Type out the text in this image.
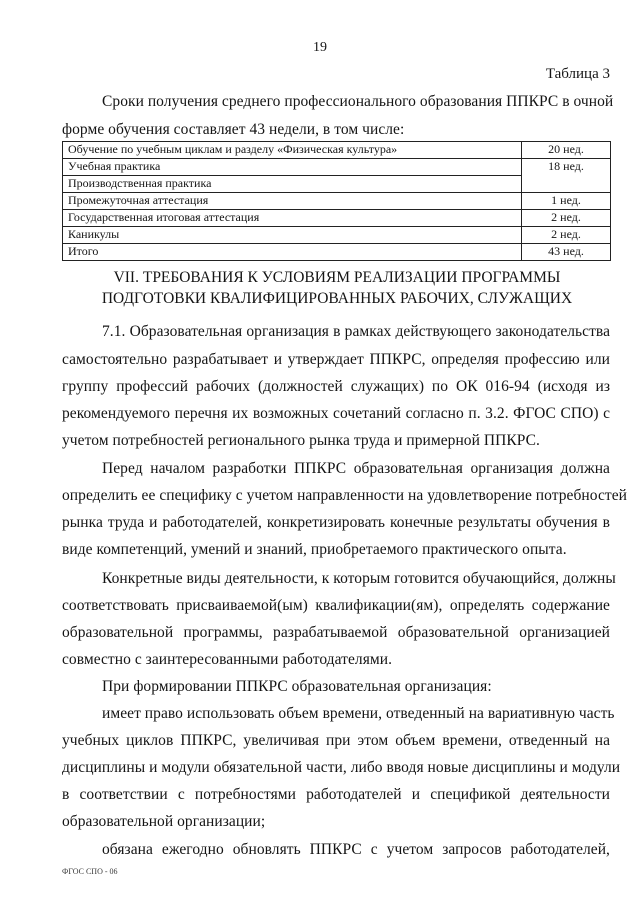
19
Таблица 3
Сроки получения среднего профессионального образования ППКРС в очной
форме обучения составляет 43 недели, в том числе:
Обучение по учебным циклам и разделу «Физическая культура»	20 нед.
Учебная практика	18 нед.
Производственная практика	
Промежуточная аттестация	1 нед.
Государственная итоговая аттестация	2 нед.
Каникулы	2 нед.
Итого	43 нед.
VII. ТРЕБОВАНИЯ К УСЛОВИЯМ РЕАЛИЗАЦИИ ПРОГРАММЫ
ПОДГОТОВКИ КВАЛИФИЦИРОВАННЫХ РАБОЧИХ, СЛУЖАЩИХ
7.1. Образовательная организация в рамках действующего законодательства
самостоятельно разрабатывает и утверждает ППКРС, определяя профессию или
группу профессий рабочих (должностей служащих) по ОК 016-94 (исходя из
рекомендуемого перечня их возможных сочетаний согласно п. 3.2. ФГОС СПО) с
учетом потребностей регионального рынка труда и примерной ППКРС.
Перед началом разработки ППКРС образовательная организация должна
определить ее специфику с учетом направленности на удовлетворение потребностей
рынка труда и работодателей, конкретизировать конечные результаты обучения в
виде компетенций, умений и знаний, приобретаемого практического опыта.
Конкретные виды деятельности, к которым готовится обучающийся, должны
соответствовать присваиваемой(ым) квалификации(ям), определять содержание
образовательной программы, разрабатываемой образовательной организацией
совместно с заинтересованными работодателями.
При формировании ППКРС образовательная организация:
имеет право использовать объем времени, отведенный на вариативную часть
учебных циклов ППКРС, увеличивая при этом объем времени, отведенный на
дисциплины и модули обязательной части, либо вводя новые дисциплины и модули
в соответствии с потребностями работодателей и спецификой деятельности
образовательной организации;
обязана ежегодно обновлять ППКРС с учетом запросов работодателей,
ФГОС СПО - 06
